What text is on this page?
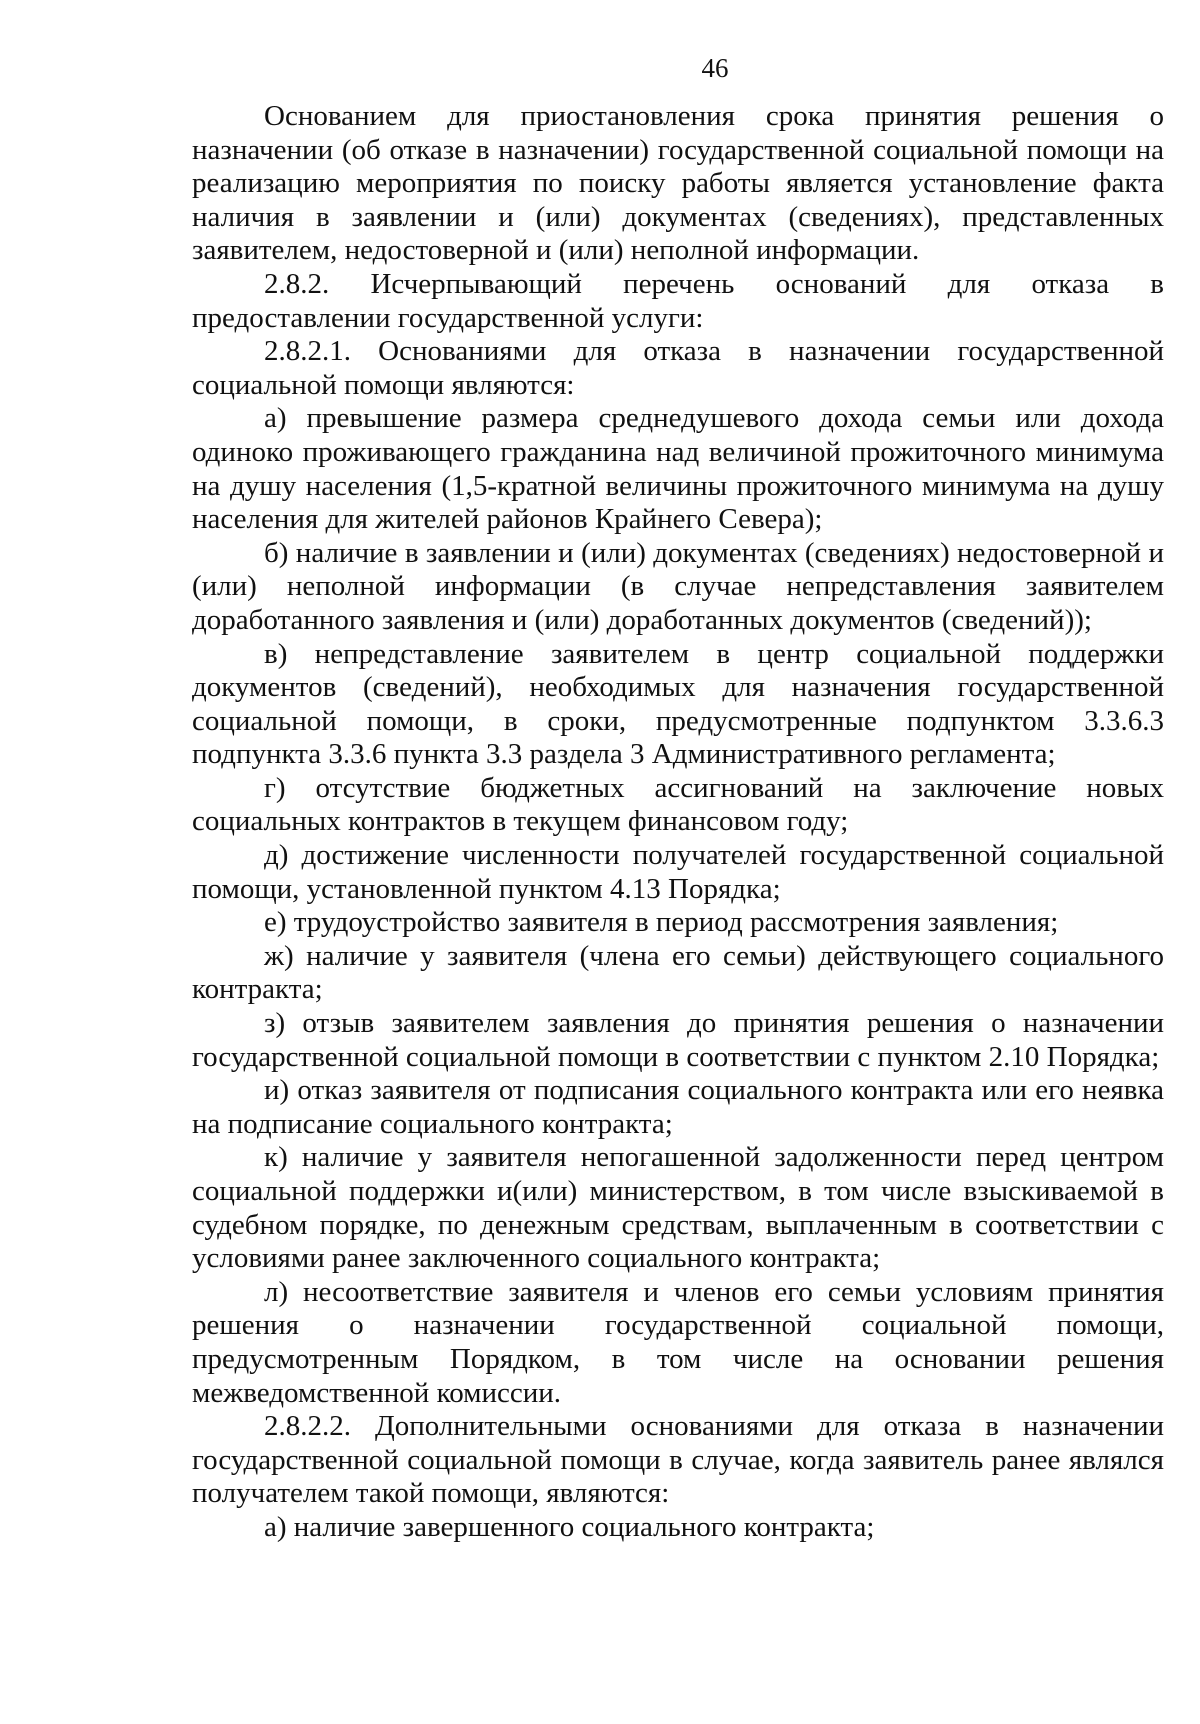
46

Основанием для приостановления срока принятия решения о назначении (об отказе в назначении) государственной социальной помощи на реализацию мероприятия по поиску работы является установление факта наличия в заявлении и (или) документах (сведениях), представленных заявителем, недостоверной и (или) неполной информации.

2.8.2. Исчерпывающий перечень оснований для отказа в предоставлении государственной услуги:

2.8.2.1. Основаниями для отказа в назначении государственной социальной помощи являются:

а) превышение размера среднедушевого дохода семьи или дохода одиноко проживающего гражданина над величиной прожиточного минимума на душу населения (1,5-кратной величины прожиточного минимума на душу населения для жителей районов Крайнего Севера);

б) наличие в заявлении и (или) документах (сведениях) недостоверной и (или) неполной информации (в случае непредставления заявителем доработанного заявления и (или) доработанных документов (сведений));

в) непредставление заявителем в центр социальной поддержки документов (сведений), необходимых для назначения государственной социальной помощи, в сроки, предусмотренные подпунктом 3.3.6.3 подпункта 3.3.6 пункта 3.3 раздела 3 Административного регламента;

г) отсутствие бюджетных ассигнований на заключение новых социальных контрактов в текущем финансовом году;

д) достижение численности получателей государственной социальной помощи, установленной пунктом 4.13 Порядка;

е) трудоустройство заявителя в период рассмотрения заявления;

ж) наличие у заявителя (члена его семьи) действующего социального контракта;

з) отзыв заявителем заявления до принятия решения о назначении государственной социальной помощи в соответствии с пунктом 2.10 Порядка;

и) отказ заявителя от подписания социального контракта или его неявка на подписание социального контракта;

к) наличие у заявителя непогашенной задолженности перед центром социальной поддержки и(или) министерством, в том числе взыскиваемой в судебном порядке, по денежным средствам, выплаченным в соответствии с условиями ранее заключенного социального контракта;

л) несоответствие заявителя и членов его семьи условиям принятия решения о назначении государственной социальной помощи, предусмотренным Порядком, в том числе на основании решения межведомственной комиссии.

2.8.2.2. Дополнительными основаниями для отказа в назначении государственной социальной помощи в случае, когда заявитель ранее являлся получателем такой помощи, являются:

а) наличие завершенного социального контракта;
